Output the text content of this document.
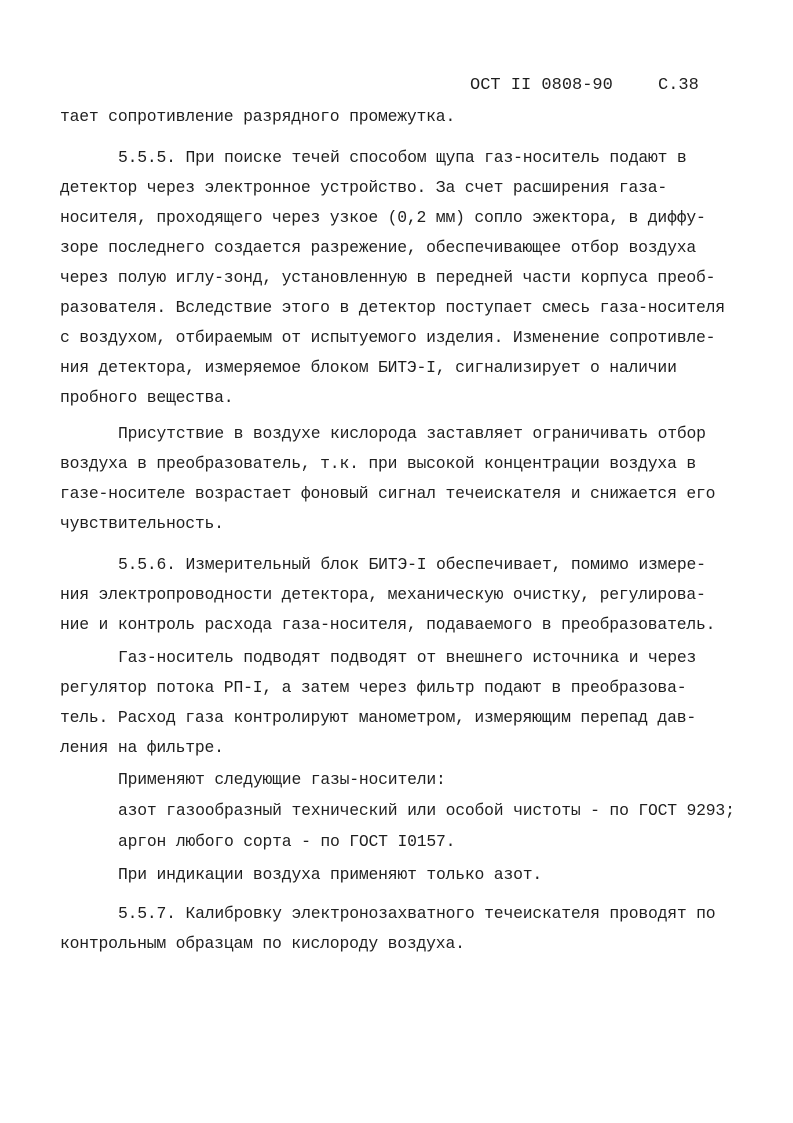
ОСТ II 0808-90	С.38
тает сопротивление разрядного промежутка.
5.5.5. При поиске течей способом щупа газ-носитель подают в
детектор через электронное устройство. За счет расширения газа-
носителя, проходящего через узкое (0,2 мм) сопло эжектора, в диффу-
зоре последнего создается разрежение, обеспечивающее отбор воздуха
через полую иглу-зонд, установленную в передней части корпуса преоб-
разователя. Вследствие этого в детектор поступает смесь газа-носителя
с воздухом, отбираемым от испытуемого изделия. Изменение сопротивле-
ния детектора, измеряемое блоком БИТЭ-I, сигнализирует о наличии
пробного вещества.
Присутствие в воздухе кислорода заставляет ограничивать отбор
воздуха в преобразователь, т.к. при высокой концентрации воздуха в
газе-носителе возрастает фоновый сигнал течеискателя и снижается его
чувствительность.
5.5.6. Измерительный блок БИТЭ-I обеспечивает, помимо измере-
ния электропроводности детектора, механическую очистку, регулирова-
ние и контроль расхода газа-носителя, подаваемого в преобразователь.
Газ-носитель подводят подводят от внешнего источника и через
регулятор потока РП-I, а затем через фильтр подают в преобразова-
тель. Расход газа контролируют манометром, измеряющим перепад дав-
ления на фильтре.
Применяют следующие газы-носители:
азот газообразный технический или особой чистоты - по ГОСТ 9293;
аргон любого сорта - по ГОСТ I0157.
При индикации воздуха применяют только азот.
5.5.7. Калибровку электронозахватного течеискателя проводят по
контрольным образцам по кислороду воздуха.
